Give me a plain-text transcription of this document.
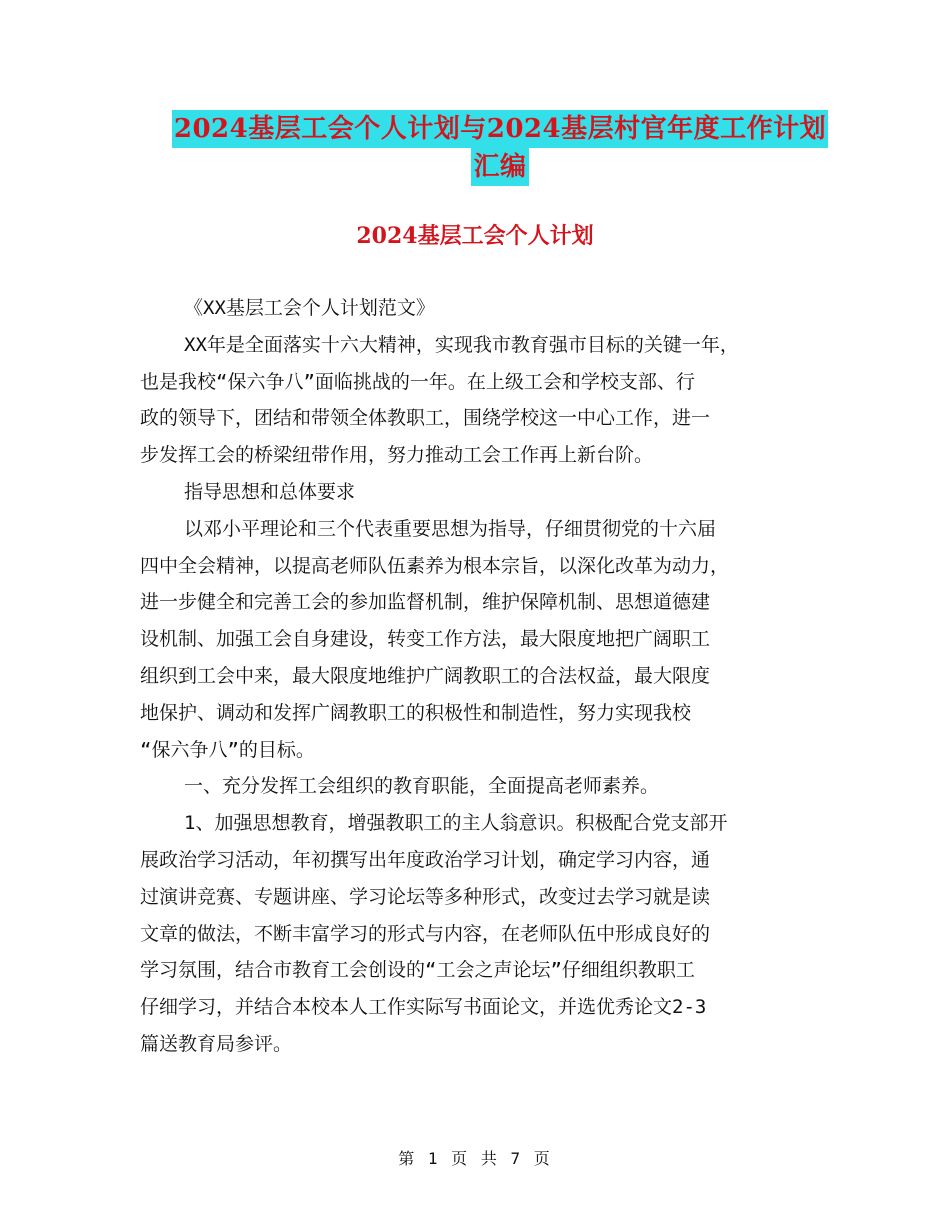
2024基层工会个人计划与2024基层村官年度工作计划
汇编
2024基层工会个人计划
《XX基层工会个人计划范文》
XX年是全面落实十六大精神，实现我市教育强市目标的关键一年，
也是我校“保六争八”面临挑战的一年。在上级工会和学校支部、行
政的领导下，团结和带领全体教职工，围绕学校这一中心工作，进一
步发挥工会的桥梁纽带作用，努力推动工会工作再上新台阶。
指导思想和总体要求
以邓小平理论和三个代表重要思想为指导，仔细贯彻党的十六届
四中全会精神，以提高老师队伍素养为根本宗旨，以深化改革为动力，
进一步健全和完善工会的参加监督机制，维护保障机制、思想道德建
设机制、加强工会自身建设，转变工作方法，最大限度地把广阔职工
组织到工会中来，最大限度地维护广阔教职工的合法权益，最大限度
地保护、调动和发挥广阔教职工的积极性和制造性，努力实现我校
“保六争八”的目标。
一、充分发挥工会组织的教育职能，全面提高老师素养。
1、加强思想教育，增强教职工的主人翁意识。积极配合党支部开
展政治学习活动，年初撰写出年度政治学习计划，确定学习内容，通
过演讲竞赛、专题讲座、学习论坛等多种形式，改变过去学习就是读
文章的做法，不断丰富学习的形式与内容，在老师队伍中形成良好的
学习氛围，结合市教育工会创设的“工会之声论坛”仔细组织教职工
仔细学习，并结合本校本人工作实际写书面论文，并选优秀论文2-3
篇送教育局参评。
第 1 页 共 7 页
